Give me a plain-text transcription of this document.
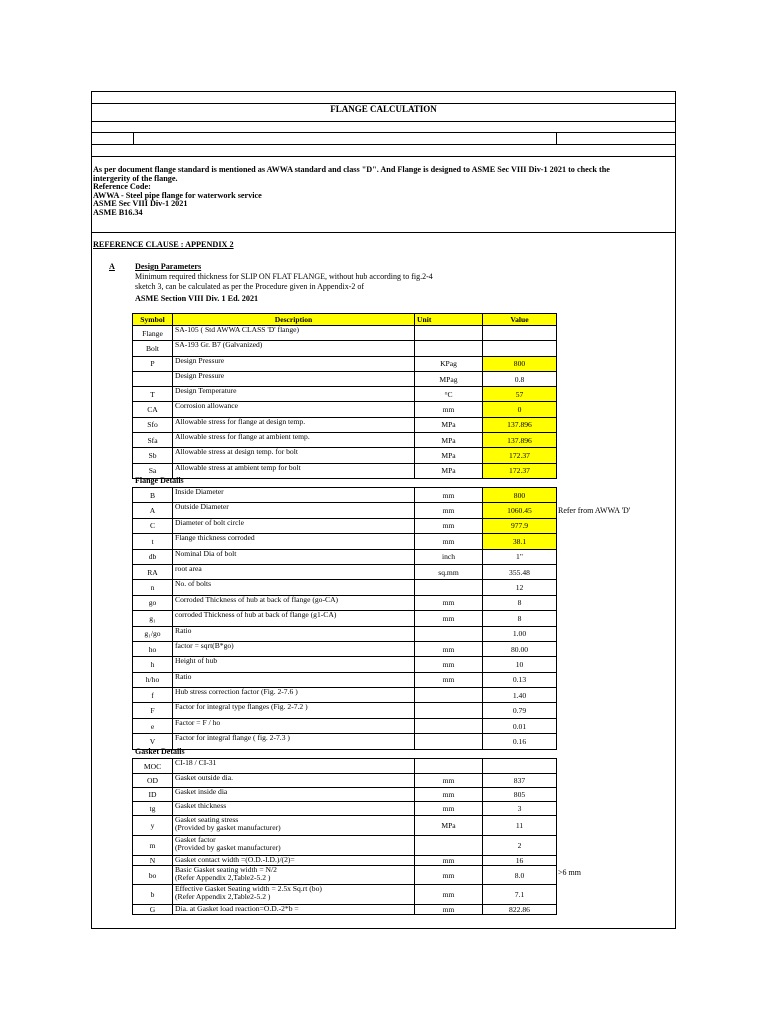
FLANGE CALCULATION
As per document flange standard is mentioned as AWWA standard and class "D". And Flange is designed to ASME Sec VIII Div-1 2021 to check the
intergerity of the flange.
Reference Code:
AWWA - Steel pipe flange for waterwork service
ASME Sec VIII Div-1 2021
ASME B16.34
REFERENCE CLAUSE : APPENDIX 2
A Design Parameters
Minimum required thickness for SLIP ON FLAT FLANGE, without hub according to fig.2-4
sketch 3, can be calculated as per the Procedure given in Appendix-2 of
ASME Section VIII Div. 1 Ed. 2021
Symbol	Description	Unit	Value
Flange	SA-105 ( Std AWWA CLASS 'D' flange)		
Bolt	SA-193 Gr. B7 (Galvanized)		
P	Design Pressure	KPag	800
	Design Pressure	MPag	0.8
T	Design Temperature	°C	57
CA	Corrosion allowance	mm	0
Sfo	Allowable stress for flange at design temp.	MPa	137.896
Sfa	Allowable stress for flange at ambient temp.	MPa	137.896
Sb	Allowable stress at design temp. for bolt	MPa	172.37
Sa	Allowable stress at ambient temp for bolt	MPa	172.37
Flange Details
B	Inside Diameter	mm	800
A	Outside Diameter	mm	1060.45
C	Diameter of bolt circle	mm	977.9
t	Flange thickness corroded	mm	38.1
db	Nominal Dia of bolt	inch	1"
RA	root area	sq.mm	355.48
n	No. of bolts		12
go	Corroded Thickness of hub at back of flange (go-CA)	mm	8
g₁	corroded Thickness of hub at back of flange (g1-CA)	mm	8
g₁/go	Ratio		1.00
ho	factor = sqrt(B*go)	mm	80.00
h	Height of hub	mm	10
h/ho	Ratio	mm	0.13
f	Hub stress correction factor (Fig. 2-7.6 )		1.40
F	Factor for integral type flanges (Fig. 2-7.2 )		0.79
e	Factor = F / ho		0.01
V	Factor for integral flange ( fig. 2-7.3 )		0.16
Refer from AWWA 'D'
Gasket Details
MOC	CI-18 / CI-31		
OD	Gasket outside dia.	mm	837
ID	Gasket inside dia	mm	805
tg	Gasket thickness	mm	3
y	Gasket seating stress
(Provided by gasket manufacturer)	MPa	11
m	Gasket factor
(Provided by gasket manufacturer)		2
N	Gasket contact width =(O.D.-I.D.)/(2)=	mm	16
bo	Basic Gasket seating width = N/2
(Refer Appendix 2,Table2-5.2 )	mm	8.0
b	Effective Gasket Seating width = 2.5x Sq.rt (bo)
(Refer Appendix 2,Table2-5.2 )	mm	7.1
G	Dia. at Gasket load reaction=O.D.-2*b =	mm	822.86
>6 mm
